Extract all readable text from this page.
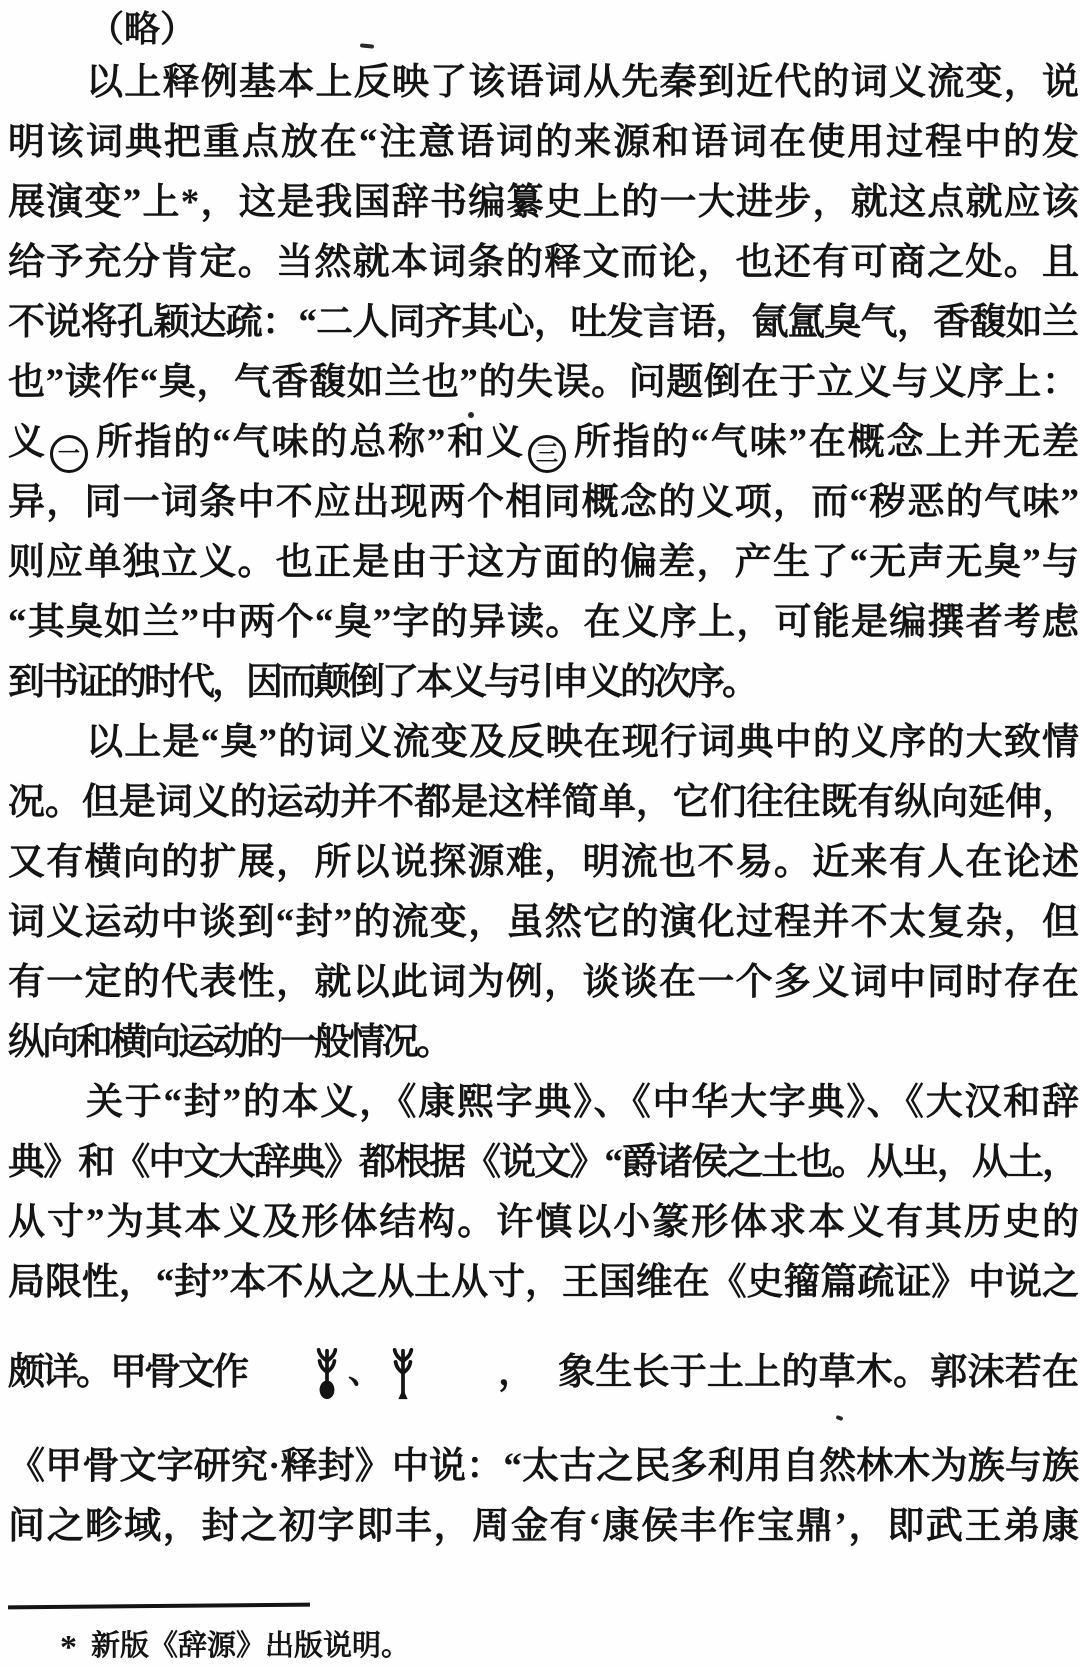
（略）
以上释例基本上反映了该语词从先秦到近代的词义流变，说
明该词典把重点放在“注意语词的来源和语词在使用过程中的发
展演变”上*，这是我国辞书编纂史上的一大进步，就这点就应该
给予充分肯定。当然就本词条的释文而论，也还有可商之处。且
不说将孔颖达疏：“二人同齐其心，吐发言语，氤氲臭气，香馥如兰
也”读作“臭，气香馥如兰也”的失误。问题倒在于立义与义序上：
义 一 所指的“气味的总称”和义 三 所指的“气味”在概念上并无差
异，同一词条中不应出现两个相同概念的义项，而“秽恶的气味”
则应单独立义。也正是由于这方面的偏差，产生了“无声无臭”与
“其臭如兰”中两个“臭”字的异读。在义序上，可能是编撰者考虑
到书证的时代，因而颠倒了本义与引申义的次序。
以上是“臭”的词义流变及反映在现行词典中的义序的大致情
况。但是词义的运动并不都是这样简单，它们往往既有纵向延伸，
又有横向的扩展，所以说探源难，明流也不易。近来有人在论述
词义运动中谈到“封”的流变，虽然它的演化过程并不太复杂，但
有一定的代表性，就以此词为例，谈谈在一个多义词中同时存在
纵向和横向运动的一般情况。
关于“封”的本义，《康熙字典》、《中华大字典》、《大汉和辞
典》和《中文大辞典》都根据《说文》“爵诸侯之土也。从㞢，从土，
从寸”为其本义及形体结构。许慎以小篆形体求本义有其历史的
局限性，“封”本不从之从土从寸，王国维在《史籀篇疏证》中说之
颇详。甲骨文作	、	， 象生长于土上的草木。郭沫若在
《甲骨文字研究·释封》中说：“太古之民多利用自然林木为族与族
间之畛域，封之初字即丰，周金有‘康侯丰作宝鼎’，即武王弟康
* 新版《辞源》出版说明。
